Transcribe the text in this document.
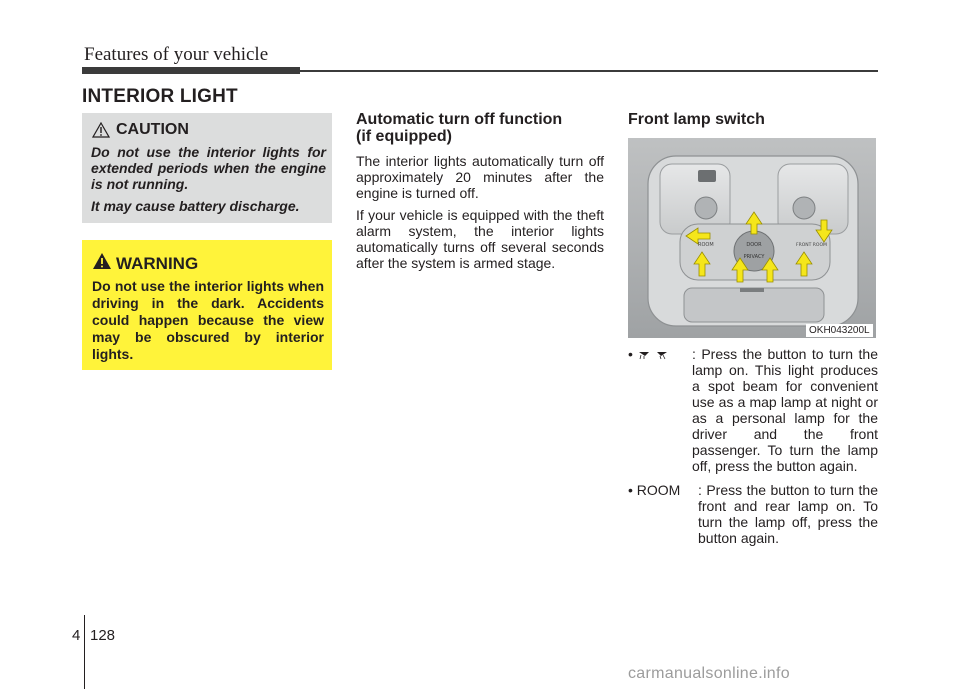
Features of your vehicle
INTERIOR LIGHT
CAUTION

Do not use the interior lights for extended periods when the engine is not running.

It may cause battery discharge.

WARNING
Do not use the interior lights when driving in the dark. Accidents could happen because the view may be obscured by interior lights.
Automatic turn off function
(if equipped)

The interior lights automatically turn off approximately 20 minutes after the engine is turned off.

If your vehicle is equipped with the theft alarm system, the interior lights automatically turns off several seconds after the system is armed stage.

Front lamp switch
DOOR
PRIVACY
ROOM	FRONT ROOM
OKH043200L
•	: Press the button to turn the lamp on. This light produces a spot beam for convenient use as a map lamp at night or as a personal lamp for the driver and the front passenger. To turn the lamp off, press the button again.
• ROOM : Press the button to turn the front and rear lamp on. To turn the lamp off, press the button again.
4 128
carmanualsonline.info
